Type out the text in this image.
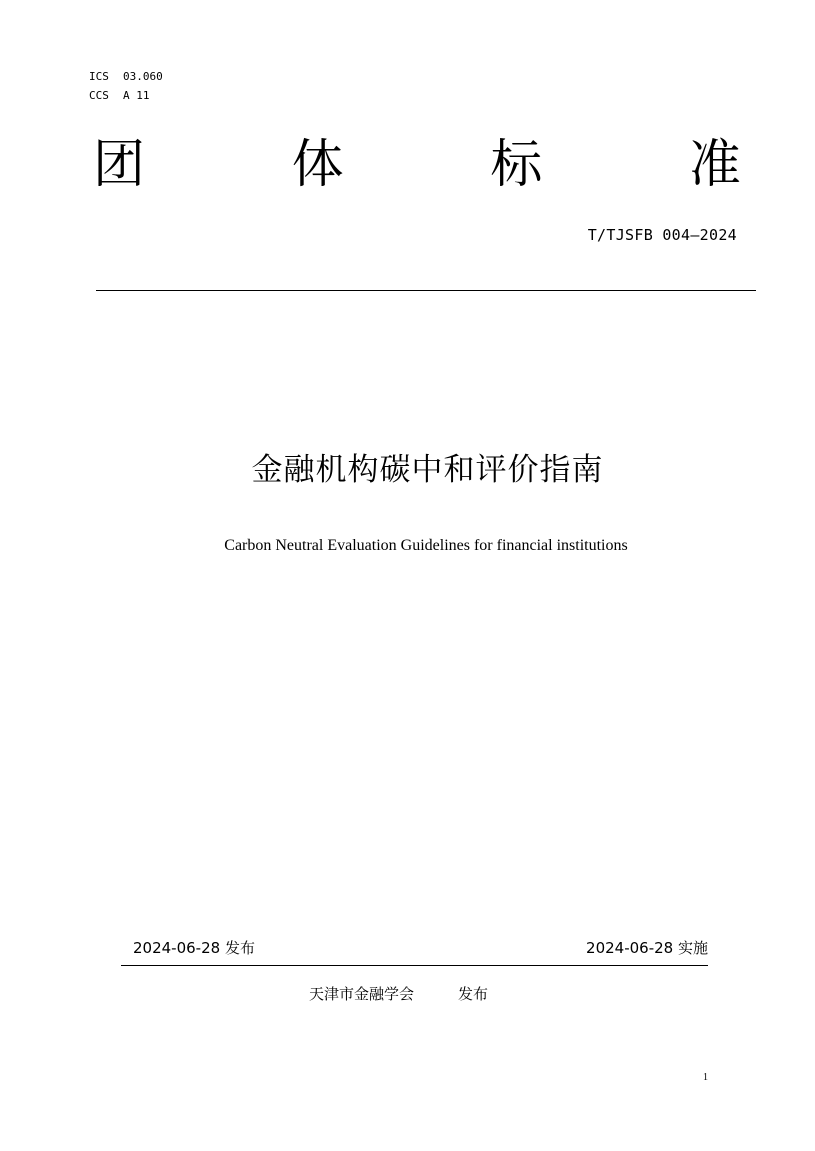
ICS 03.060
CCS A 11
团	体	标	准
T/TJSFB 004—2024
金融机构碳中和评价指南
Carbon Neutral Evaluation Guidelines for financial institutions
2024-06-28 发布	2024-06-28 实施
天津市金融学会	发布
1
